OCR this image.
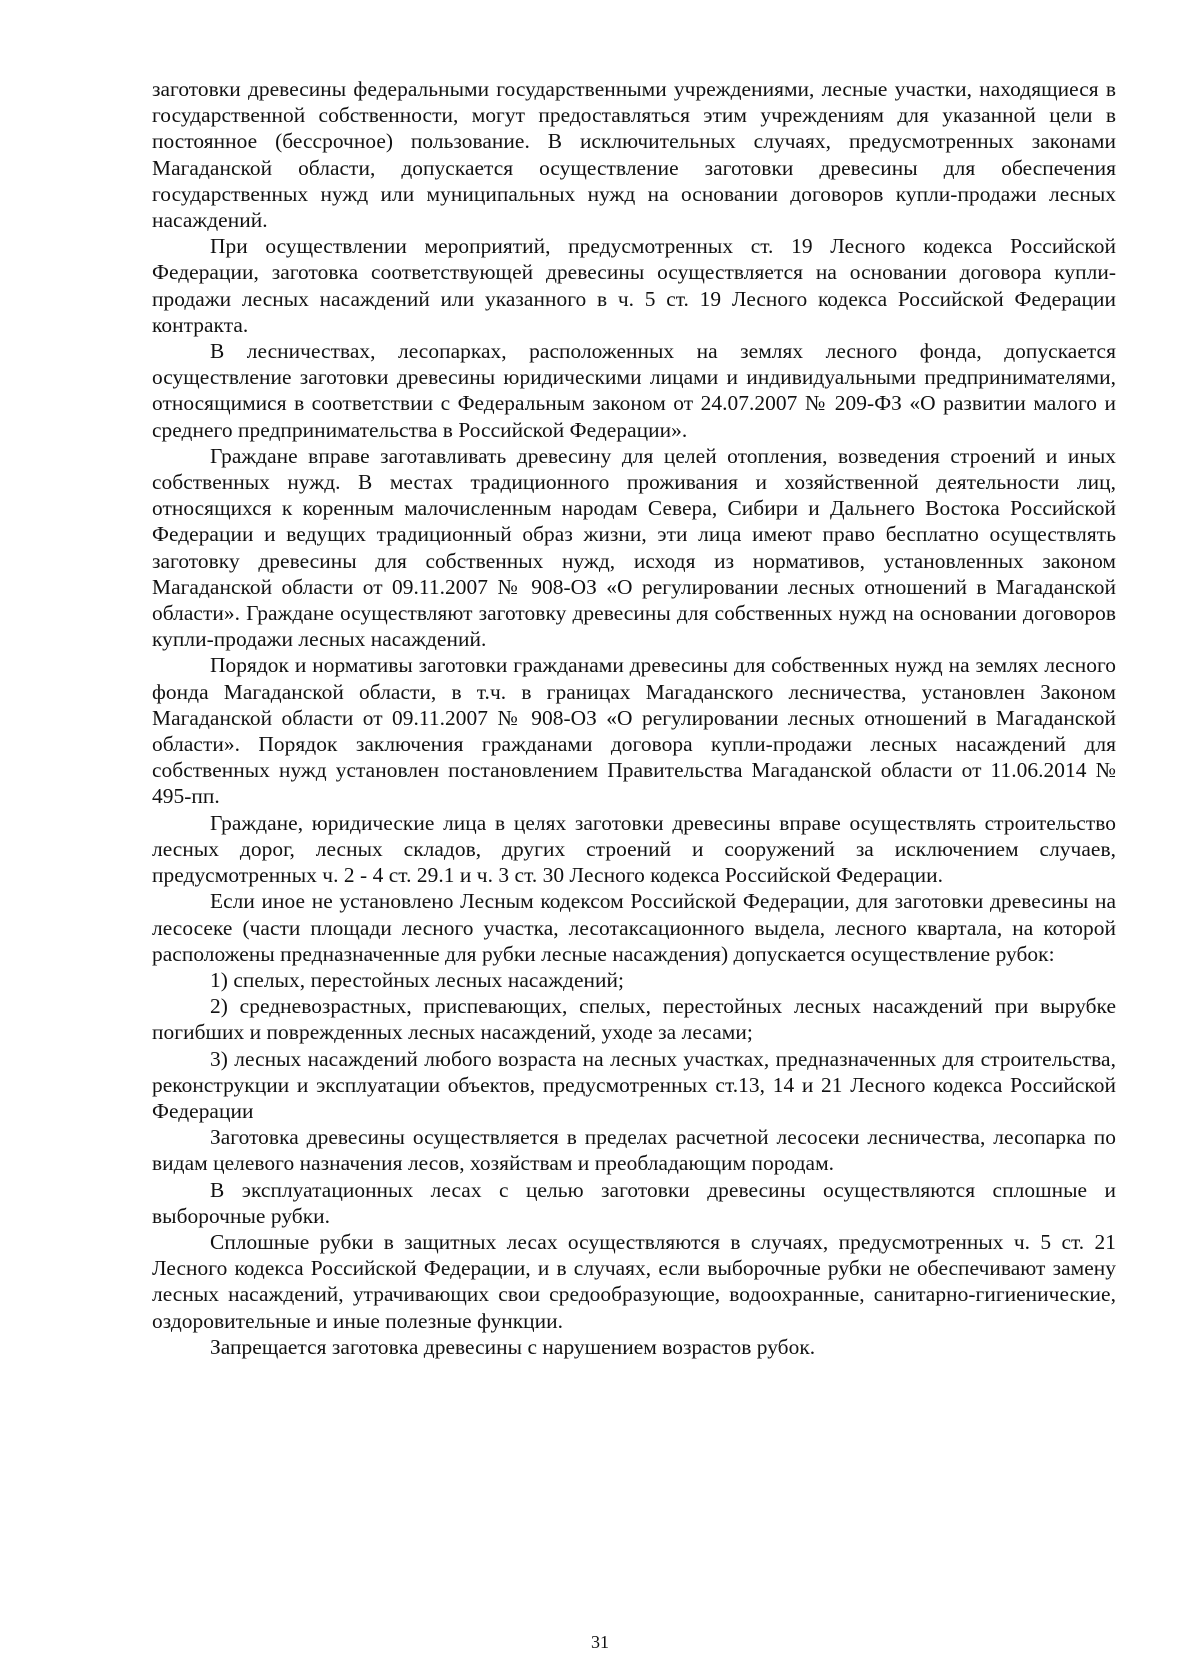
заготовки древесины федеральными государственными учреждениями, лесные участки, находящиеся в государственной собственности, могут предоставляться этим учреждениям для указанной цели в постоянное (бессрочное) пользование. В исключительных случаях, предусмотренных законами Магаданской области, допускается осуществление заготовки древесины для обеспечения государственных нужд или муниципальных нужд на основании договоров купли-продажи лесных насаждений.

При осуществлении мероприятий, предусмотренных ст. 19 Лесного кодекса Российской Федерации, заготовка соответствующей древесины осуществляется на основании договора купли-продажи лесных насаждений или указанного в ч. 5 ст. 19 Лесного кодекса Российской Федерации контракта.

В лесничествах, лесопарках, расположенных на землях лесного фонда, допускается осуществление заготовки древесины юридическими лицами и индивидуальными предпринимателями, относящимися в соответствии с Федеральным законом от 24.07.2007 № 209-ФЗ «О развитии малого и среднего предпринимательства в Российской Федерации».

Граждане вправе заготавливать древесину для целей отопления, возведения строений и иных собственных нужд. В местах традиционного проживания и хозяйственной деятельности лиц, относящихся к коренным малочисленным народам Севера, Сибири и Дальнего Востока Российской Федерации и ведущих традиционный образ жизни, эти лица имеют право бесплатно осуществлять заготовку древесины для собственных нужд, исходя из нормативов, установленных законом Магаданской области от 09.11.2007 № 908-ОЗ «О регулировании лесных отношений в Магаданской области». Граждане осуществляют заготовку древесины для собственных нужд на основании договоров купли-продажи лесных насаждений.

Порядок и нормативы заготовки гражданами древесины для собственных нужд на землях лесного фонда Магаданской области, в т.ч. в границах Магаданского лесничества, установлен Законом Магаданской области от 09.11.2007 № 908-ОЗ «О регулировании лесных отношений в Магаданской области». Порядок заключения гражданами договора купли-продажи лесных насаждений для собственных нужд установлен постановлением Правительства Магаданской области от 11.06.2014 № 495-пп.

Граждане, юридические лица в целях заготовки древесины вправе осуществлять строительство лесных дорог, лесных складов, других строений и сооружений за исключением случаев, предусмотренных ч. 2 - 4 ст. 29.1 и ч. 3 ст. 30 Лесного кодекса Российской Федерации.

Если иное не установлено Лесным кодексом Российской Федерации, для заготовки древесины на лесосеке (части площади лесного участка, лесотаксационного выдела, лесного квартала, на которой расположены предназначенные для рубки лесные насаждения) допускается осуществление рубок:

1) спелых, перестойных лесных насаждений;

2) средневозрастных, приспевающих, спелых, перестойных лесных насаждений при вырубке погибших и поврежденных лесных насаждений, уходе за лесами;

3) лесных насаждений любого возраста на лесных участках, предназначенных для строительства, реконструкции и эксплуатации объектов, предусмотренных ст.13, 14 и 21 Лесного кодекса Российской Федерации

Заготовка древесины осуществляется в пределах расчетной лесосеки лесничества, лесопарка по видам целевого назначения лесов, хозяйствам и преобладающим породам.

В эксплуатационных лесах с целью заготовки древесины осуществляются сплошные и выборочные рубки.

Сплошные рубки в защитных лесах осуществляются в случаях, предусмотренных ч. 5 ст. 21 Лесного кодекса Российской Федерации, и в случаях, если выборочные рубки не обеспечивают замену лесных насаждений, утрачивающих свои средообразующие, водоохранные, санитарно-гигиенические, оздоровительные и иные полезные функции.

Запрещается заготовка древесины с нарушением возрастов рубок.

31
